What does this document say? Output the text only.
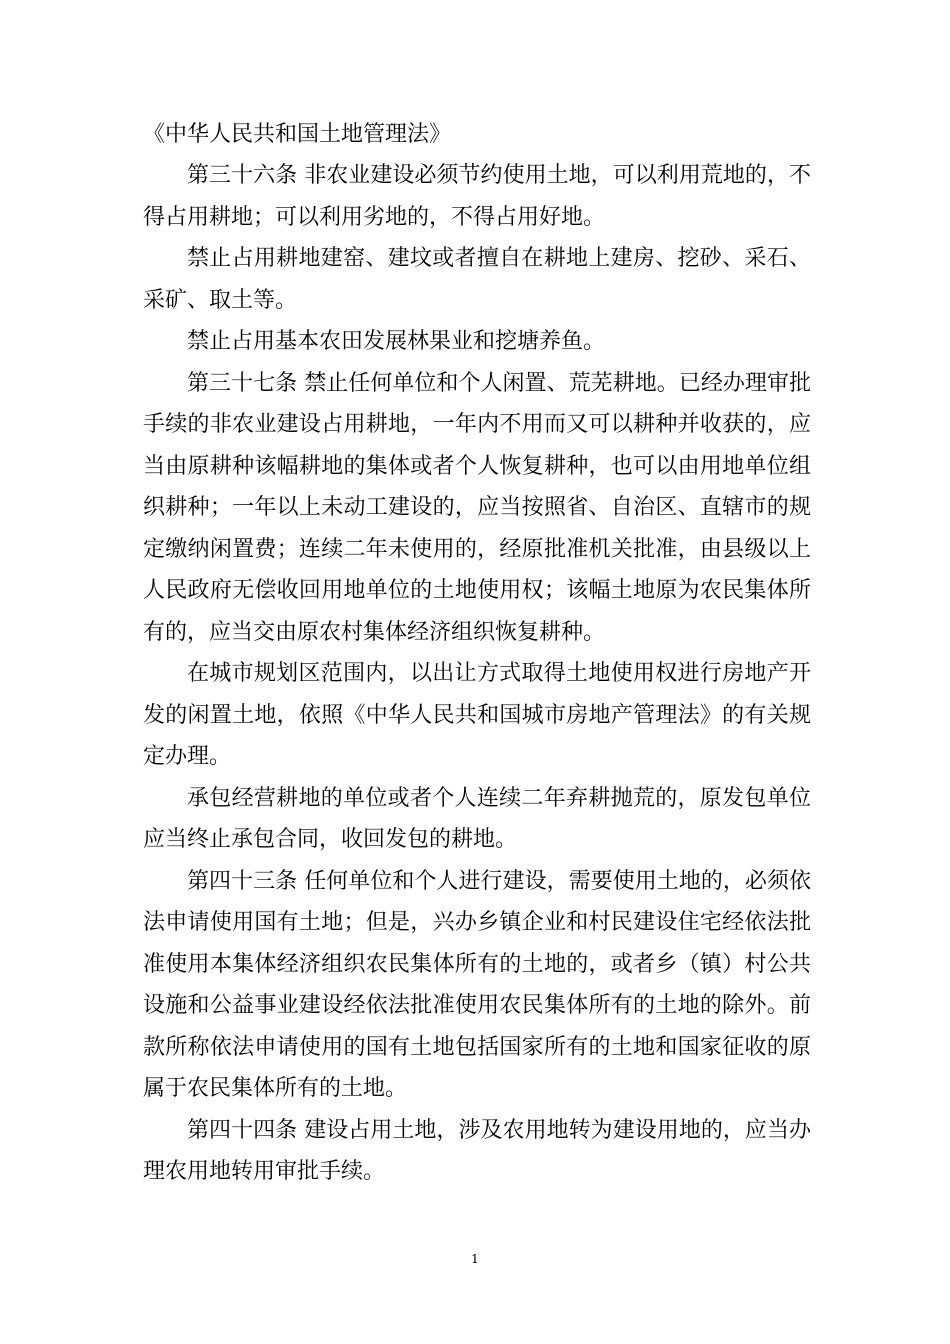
《中华人民共和国土地管理法》

第三十六条 非农业建设必须节约使用土地，可以利用荒地的，不得占用耕地；可以利用劣地的，不得占用好地。

禁止占用耕地建窑、建坟或者擅自在耕地上建房、挖砂、采石、采矿、取土等。

禁止占用基本农田发展林果业和挖塘养鱼。

第三十七条 禁止任何单位和个人闲置、荒芜耕地。已经办理审批手续的非农业建设占用耕地，一年内不用而又可以耕种并收获的，应当由原耕种该幅耕地的集体或者个人恢复耕种，也可以由用地单位组织耕种；一年以上未动工建设的，应当按照省、自治区、直辖市的规定缴纳闲置费；连续二年未使用的，经原批准机关批准，由县级以上人民政府无偿收回用地单位的土地使用权；该幅土地原为农民集体所有的，应当交由原农村集体经济组织恢复耕种。

在城市规划区范围内，以出让方式取得土地使用权进行房地产开发的闲置土地，依照《中华人民共和国城市房地产管理法》的有关规定办理。

承包经营耕地的单位或者个人连续二年弃耕抛荒的，原发包单位应当终止承包合同，收回发包的耕地。

第四十三条 任何单位和个人进行建设，需要使用土地的，必须依法申请使用国有土地；但是，兴办乡镇企业和村民建设住宅经依法批准使用本集体经济组织农民集体所有的土地的，或者乡（镇）村公共设施和公益事业建设经依法批准使用农民集体所有的土地的除外。前款所称依法申请使用的国有土地包括国家所有的土地和国家征收的原属于农民集体所有的土地。

第四十四条 建设占用土地，涉及农用地转为建设用地的，应当办理农用地转用审批手续。

1
